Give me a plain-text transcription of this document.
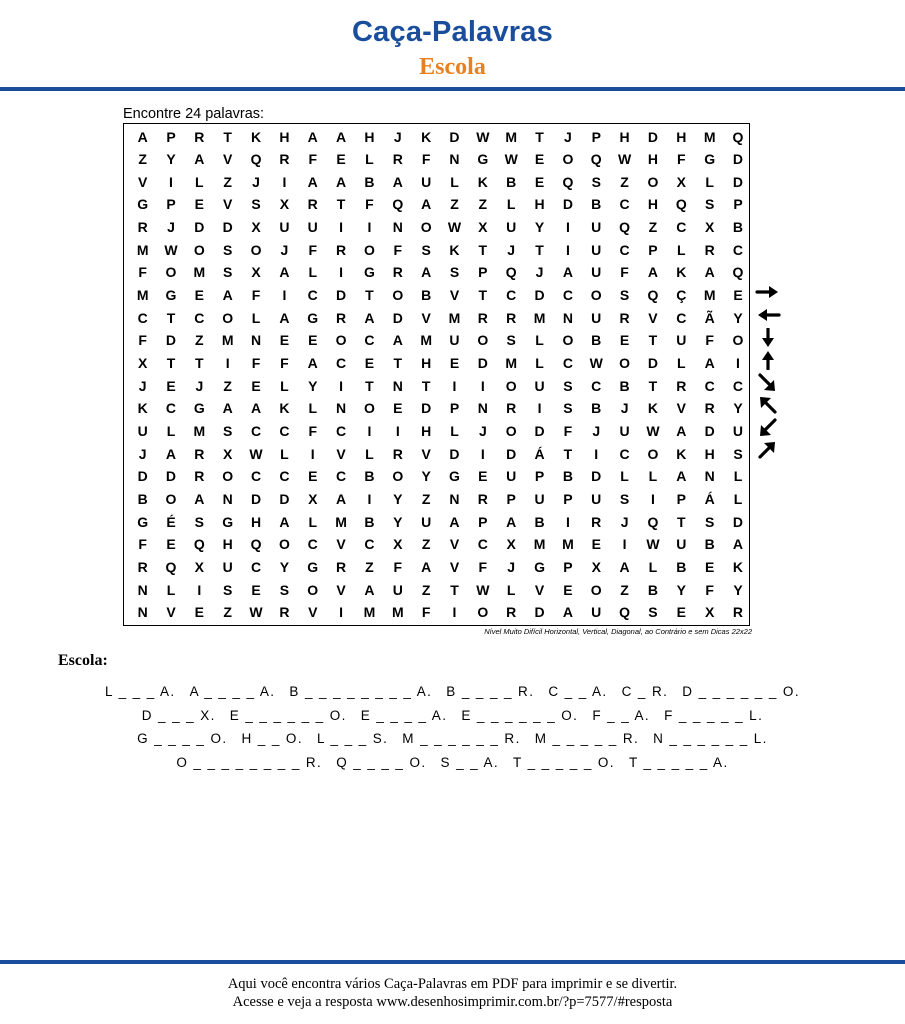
Caça-Palavras
Escola
Encontre 24 palavras:
A	P	R	T	K	H	A	A	H	J	K	D	W	M	T	J	P	H	D	H	M	Q
Z	Y	A	V	Q	R	F	E	L	R	F	N	G	W	E	O	Q	W	H	F	G	D
V	I	L	Z	J	I	A	A	B	A	U	L	K	B	E	Q	S	Z	O	X	L	D
G	P	E	V	S	X	R	T	F	Q	A	Z	Z	L	H	D	B	C	H	Q	S	P
R	J	D	D	X	U	U	I	I	N	O	W	X	U	Y	I	U	Q	Z	C	X	B
M	W	O	S	O	J	F	R	O	F	S	K	T	J	T	I	U	C	P	L	R	C
F	O	M	S	X	A	L	I	G	R	A	S	P	Q	J	A	U	F	A	K	A	Q
M	G	E	A	F	I	C	D	T	O	B	V	T	C	D	C	O	S	Q	Ç	M	E
C	T	C	O	L	A	G	R	A	D	V	M	R	R	M	N	U	R	V	C	Ã	Y
F	D	Z	M	N	E	E	O	C	A	M	U	O	S	L	O	B	E	T	U	F	O
X	T	T	I	F	F	A	C	E	T	H	E	D	M	L	C	W	O	D	L	A	I
J	E	J	Z	E	L	Y	I	T	N	T	I	I	O	U	S	C	B	T	R	C	C
K	C	G	A	A	K	L	N	O	E	D	P	N	R	I	S	B	J	K	V	R	Y
U	L	M	S	C	C	F	C	I	I	H	L	J	O	D	F	J	U	W	A	D	U
J	A	R	X	W	L	I	V	L	R	V	D	I	D	Á	T	I	C	O	K	H	S
D	D	R	O	C	C	E	C	B	O	Y	G	E	U	P	B	D	L	L	A	N	L
B	O	A	N	D	D	X	A	I	Y	Z	N	R	P	U	P	U	S	I	P	Á	L
G	É	S	G	H	A	L	M	B	Y	U	A	P	A	B	I	R	J	Q	T	S	D
F	E	Q	H	Q	O	C	V	C	X	Z	V	C	X	M	M	E	I	W	U	B	A
R	Q	X	U	C	Y	G	R	Z	F	A	V	F	J	G	P	X	A	L	B	E	K
N	L	I	S	E	S	O	V	A	U	Z	T	W	L	V	E	O	Z	B	Y	F	Y
N	V	E	Z	W	R	V	I	M	M	F	I	O	R	D	A	U	Q	S	E	X	R
Nível Muito Difícil Horizontal, Vertical, Diagonal, ao Contrário e sem Dicas 22x22
Escola:
L _ _ _ A. A _ _ _ _ A. B _ _ _ _ _ _ _ _ A. B _ _ _ _ R. C _ _ A. C _ R. D _ _ _ _ _ _ O.
D _ _ _ X. E _ _ _ _ _ _ O. E _ _ _ _ A. E _ _ _ _ _ _ O. F _ _ A. F _ _ _ _ _ L.
G _ _ _ _ O. H _ _ O. L _ _ _ S. M _ _ _ _ _ _ R. M _ _ _ _ _ R. N _ _ _ _ _ _ L.
O _ _ _ _ _ _ _ _ R. Q _ _ _ _ O. S _ _ A. T _ _ _ _ _ O. T _ _ _ _ _ A.
Aqui você encontra vários Caça-Palavras em PDF para imprimir e se divertir.
Acesse e veja a resposta www.desenhosimprimir.com.br/?p=7577/#resposta
